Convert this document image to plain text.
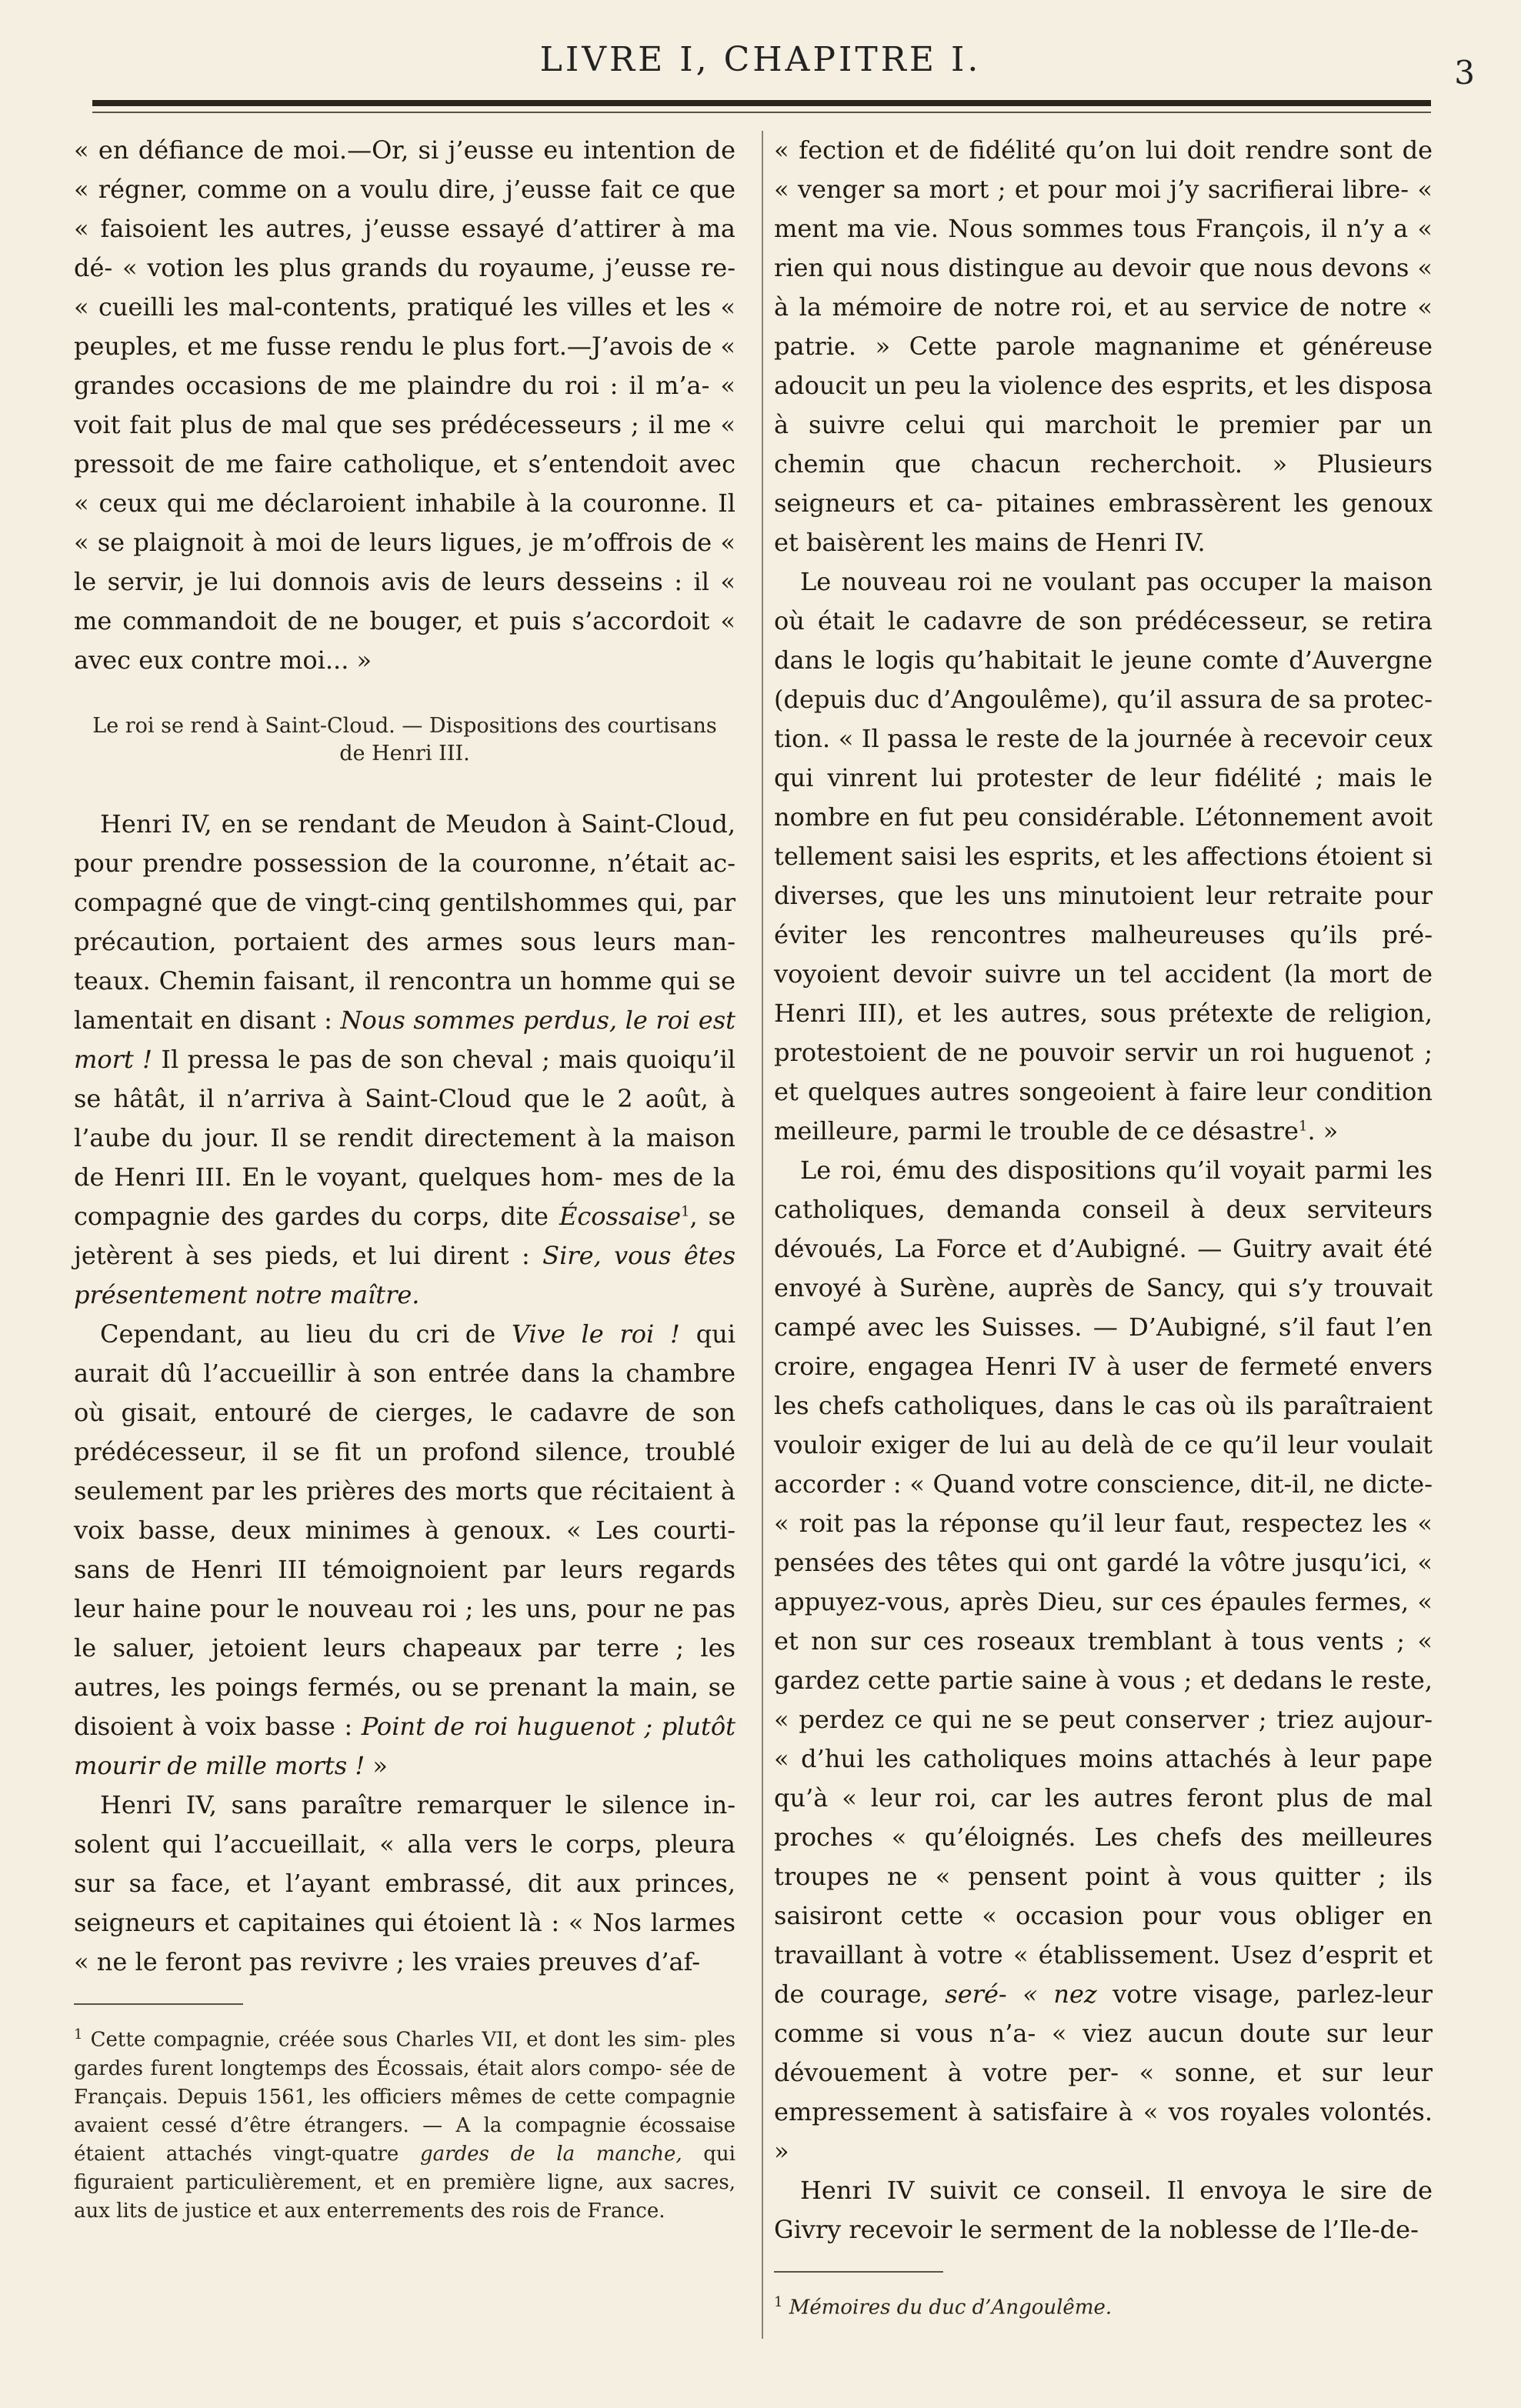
LIVRE I, CHAPITRE I.	3

« en défiance de moi.—Or, si j’eusse eu intention de « régner, comme on a voulu dire, j’eusse fait ce que « faisoient les autres, j’eusse essayé d’attirer à ma dé- « votion les plus grands du royaume, j’eusse re- « cueilli les mal-contents, pratiqué les villes et les « peuples, et me fusse rendu le plus fort.—J’avois de « grandes occasions de me plaindre du roi : il m’a- « voit fait plus de mal que ses prédécesseurs ; il me « pressoit de me faire catholique, et s’entendoit avec « ceux qui me déclaroient inhabile à la couronne. Il « se plaignoit à moi de leurs ligues, je m’offrois de « le servir, je lui donnois avis de leurs desseins : il « me commandoit de ne bouger, et puis s’accordoit « avec eux contre moi... »

Le roi se rend à Saint-Cloud. — Dispositions des courtisans de Henri III.

Henri IV, en se rendant de Meudon à Saint-Cloud, pour prendre possession de la couronne, n’était ac- compagné que de vingt-cinq gentilshommes qui, par précaution, portaient des armes sous leurs man- teaux. Chemin faisant, il rencontra un homme qui se lamentait en disant : Nous sommes perdus, le roi est mort ! Il pressa le pas de son cheval ; mais quoiqu’il se hâtât, il n’arriva à Saint-Cloud que le 2 août, à l’aube du jour. Il se rendit directement à la maison de Henri III. En le voyant, quelques hom- mes de la compagnie des gardes du corps, dite Écossaise$^1$, se jetèrent à ses pieds, et lui dirent : Sire, vous êtes présentement notre maître.

Cependant, au lieu du cri de Vive le roi ! qui aurait dû l’accueillir à son entrée dans la chambre où gisait, entouré de cierges, le cadavre de son prédécesseur, il se fit un profond silence, troublé seulement par les prières des morts que récitaient à voix basse, deux minimes à genoux. « Les courti- sans de Henri III témoignoient par leurs regards leur haine pour le nouveau roi ; les uns, pour ne pas le saluer, jetoient leurs chapeaux par terre ; les autres, les poings fermés, ou se prenant la main, se disoient à voix basse : Point de roi huguenot ; plutôt mourir de mille morts ! »

Henri IV, sans paraître remarquer le silence in- solent qui l’accueillait, « alla vers le corps, pleura sur sa face, et l’ayant embrassé, dit aux princes, seigneurs et capitaines qui étoient là : « Nos larmes « ne le feront pas revivre ; les vraies preuves d’af-

$^1$ Cette compagnie, créée sous Charles VII, et dont les sim- ples gardes furent longtemps des Écossais, était alors compo- sée de Français. Depuis 1561, les officiers mêmes de cette compagnie avaient cessé d’être étrangers. — A la compagnie écossaise étaient attachés vingt-quatre gardes de la manche, qui figuraient particulièrement, et en première ligne, aux sacres, aux lits de justice et aux enterrements des rois de France.

« fection et de fidélité qu’on lui doit rendre sont de « venger sa mort ; et pour moi j’y sacrifierai libre- « ment ma vie. Nous sommes tous François, il n’y a « rien qui nous distingue au devoir que nous devons « à la mémoire de notre roi, et au service de notre « patrie. » Cette parole magnanime et généreuse adoucit un peu la violence des esprits, et les disposa à suivre celui qui marchoit le premier par un chemin que chacun recherchoit. » Plusieurs seigneurs et ca- pitaines embrassèrent les genoux et baisèrent les mains de Henri IV.

Le nouveau roi ne voulant pas occuper la maison où était le cadavre de son prédécesseur, se retira dans le logis qu’habitait le jeune comte d’Auvergne (depuis duc d’Angoulême), qu’il assura de sa protec- tion. « Il passa le reste de la journée à recevoir ceux qui vinrent lui protester de leur fidélité ; mais le nombre en fut peu considérable. L’étonnement avoit tellement saisi les esprits, et les affections étoient si diverses, que les uns minutoient leur retraite pour éviter les rencontres malheureuses qu’ils pré- voyoient devoir suivre un tel accident (la mort de Henri III), et les autres, sous prétexte de religion, protestoient de ne pouvoir servir un roi huguenot ; et quelques autres songeoient à faire leur condition meilleure, parmi le trouble de ce désastre$^1$. »

Le roi, ému des dispositions qu’il voyait parmi les catholiques, demanda conseil à deux serviteurs dévoués, La Force et d’Aubigné. — Guitry avait été envoyé à Surène, auprès de Sancy, qui s’y trouvait campé avec les Suisses. — D’Aubigné, s’il faut l’en croire, engagea Henri IV à user de fermeté envers les chefs catholiques, dans le cas où ils paraîtraient vouloir exiger de lui au delà de ce qu’il leur voulait accorder : « Quand votre conscience, dit-il, ne dicte- « roit pas la réponse qu’il leur faut, respectez les « pensées des têtes qui ont gardé la vôtre jusqu’ici, « appuyez-vous, après Dieu, sur ces épaules fermes, « et non sur ces roseaux tremblant à tous vents ; « gardez cette partie saine à vous ; et dedans le reste, « perdez ce qui ne se peut conserver ; triez aujour- « d’hui les catholiques moins attachés à leur pape qu’à « leur roi, car les autres feront plus de mal proches « qu’éloignés. Les chefs des meilleures troupes ne « pensent point à vous quitter ; ils saisiront cette « occasion pour vous obliger en travaillant à votre « établissement. Usez d’esprit et de courage, seré- « nez votre visage, parlez-leur comme si vous n’a- « viez aucun doute sur leur dévouement à votre per- « sonne, et sur leur empressement à satisfaire à « vos royales volontés. »

Henri IV suivit ce conseil. Il envoya le sire de Givry recevoir le serment de la noblesse de l’Ile-de-

$^1$ Mémoires du duc d’Angoulême.
